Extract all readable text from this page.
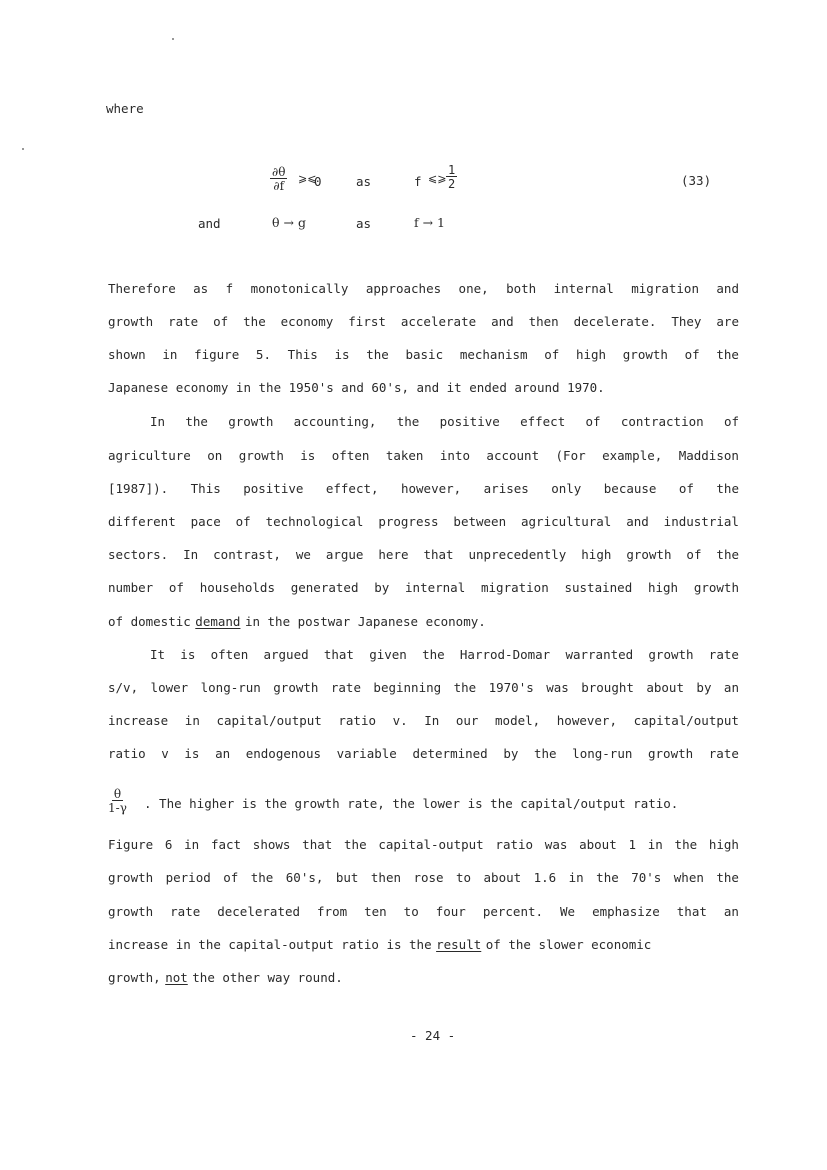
where
$\frac{\partial\theta}{\partial f}$ ⩾⩽
0	as	f ⩽⩾ $\frac{1}{2}$	(33)
and	θ → g	as	f → 1
Therefore as f monotonically approaches one, both internal migration and
growth rate of the economy first accelerate and then decelerate. They are
shown in figure 5. This is the basic mechanism of high growth of the
Japanese economy in the 1950's and 60's, and it ended around 1970.
In the growth accounting, the positive effect of contraction of
agriculture on growth is often taken into account (For example, Maddison
[1987]). This positive effect, however, arises only because of the
different pace of technological progress between agricultural and industrial
sectors. In contrast, we argue here that unprecedently high growth of the
number of households generated by internal migration sustained high growth
of domestic demand in the postwar Japanese economy.
It is often argued that given the Harrod-Domar warranted growth rate
s/v, lower long-run growth rate beginning the 1970's was brought about by an
increase in capital/output ratio v. In our model, however, capital/output
ratio v is an endogenous variable determined by the long-run growth rate
$\frac{\theta}{1-\gamma}$ . The higher is the growth rate, the lower is the capital/output ratio.
Figure 6 in fact shows that the capital-output ratio was about 1 in the high
growth period of the 60's, but then rose to about 1.6 in the 70's when the
growth rate decelerated from ten to four percent. We emphasize that an
increase in the capital-output ratio is the result of the slower economic
growth, not the other way round.
- 24 -
